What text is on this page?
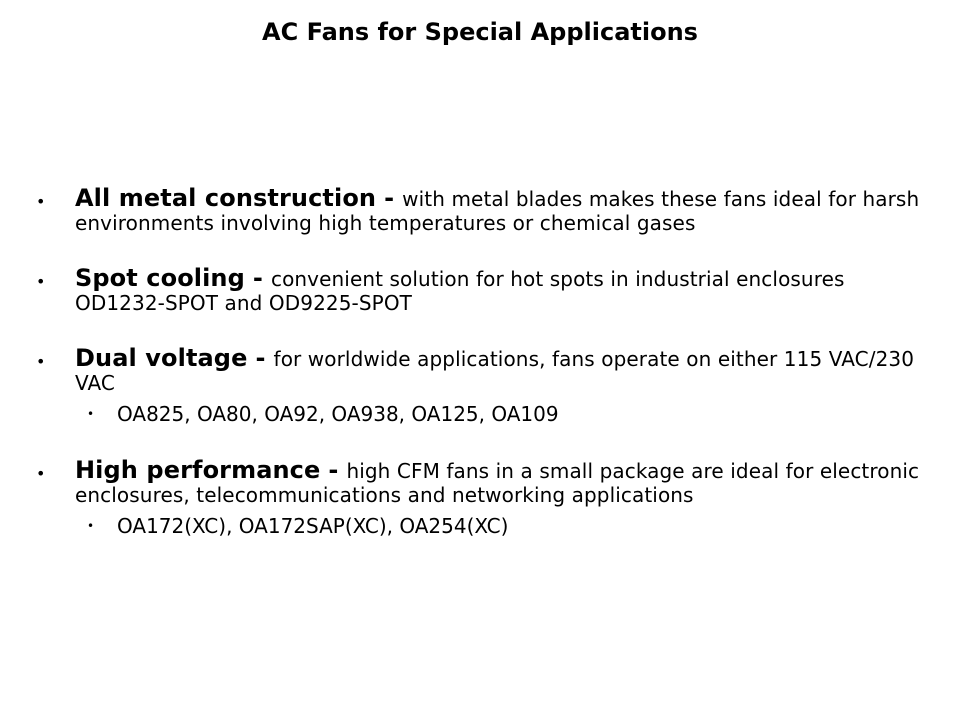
AC Fans for Special Applications
• All metal construction - with metal blades makes these fans ideal for harsh environments involving high temperatures or chemical gases
• Spot cooling - convenient solution for hot spots in industrial enclosures OD1232-SPOT and OD9225-SPOT
• Dual voltage - for worldwide applications, fans operate on either 115 VAC/230 VAC
• OA825, OA80, OA92, OA938, OA125, OA109
• High performance - high CFM fans in a small package are ideal for electronic enclosures, telecommunications and networking applications
• OA172(XC), OA172SAP(XC), OA254(XC)
